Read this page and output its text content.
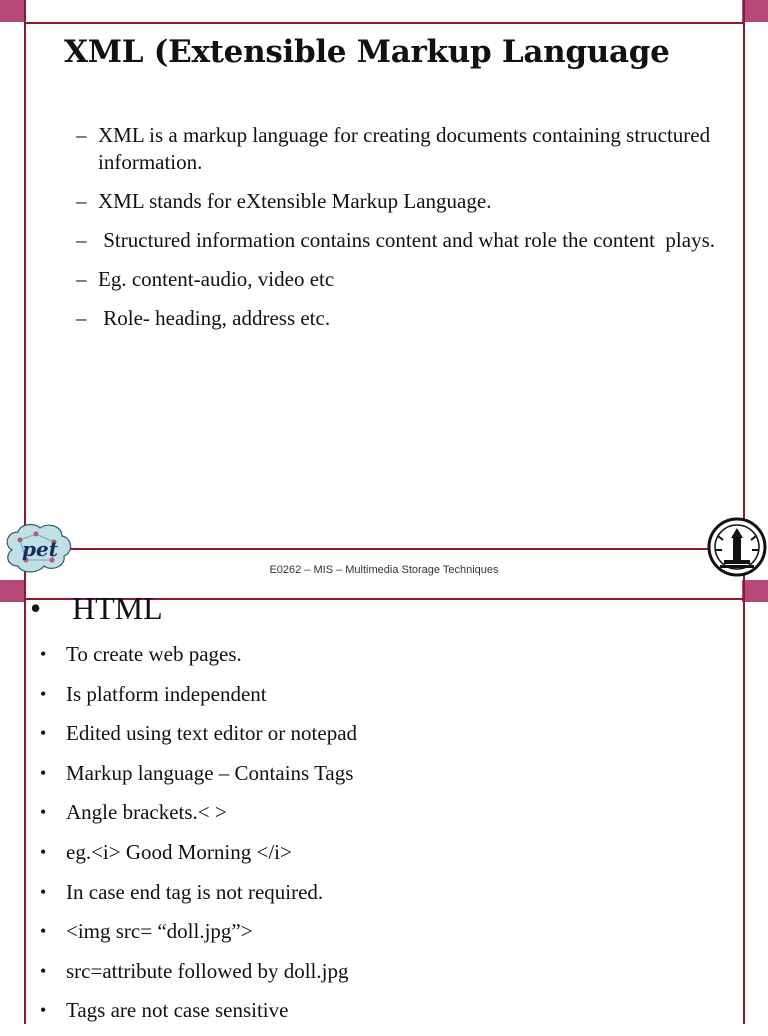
XML (Extensible Markup Language
– XML is a markup language for creating documents containing structured information.
– XML stands for eXtensible Markup Language.
– Structured information contains content and what role the content  plays.
– Eg. content-audio, video etc
– Role- heading, address etc.
pet
E0262 – MIS – Multimedia Storage Techniques
• HTML
• To create web pages.
• Is platform independent
• Edited using text editor or notepad
• Markup language – Contains Tags
• Angle brackets.< >
• eg.<i> Good Morning </i>
• In case end tag is not required.
• <img src= “doll.jpg”>
• src=attribute followed by doll.jpg
• Tags are not case sensitive
